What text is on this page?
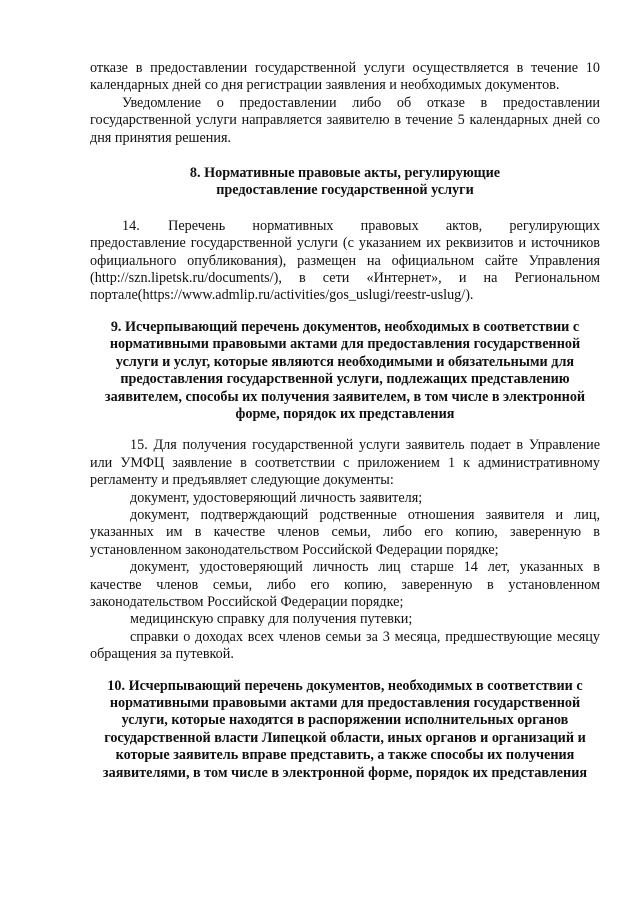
отказе в предоставлении государственной услуги осуществляется в течение 10 календарных дней со дня регистрации заявления и необходимых документов.

Уведомление о предоставлении либо об отказе в предоставлении государственной услуги направляется заявителю в течение 5 календарных дней со дня принятия решения.

8. Нормативные правовые акты, регулирующие
предоставление государственной услуги

14.  Перечень нормативных правовых актов, регулирующих предоставление государственной услуги (с указанием их реквизитов и источников официального опубликования), размещен на официальном сайте Управления (http://szn.lipetsk.ru/documents/), в сети «Интернет», и на Региональном портале(https://www.admlip.ru/activities/gos_uslugi/reestr-uslug/).

9. Исчерпывающий перечень документов, необходимых в соответствии с нормативными правовыми актами для предоставления государственной услуги и услуг, которые являются необходимыми и обязательными для предоставления государственной услуги, подлежащих представлению заявителем, способы их получения заявителем, в том числе в электронной форме, порядок их представления

15. Для получения государственной услуги заявитель подает в Управление или УМФЦ заявление в соответствии с приложением 1 к административному регламенту и предъявляет следующие документы:

документ, удостоверяющий личность заявителя;

документ, подтверждающий родственные отношения заявителя и лиц, указанных им в качестве членов семьи, либо его копию, заверенную в установленном законодательством Российской Федерации порядке;

документ, удостоверяющий личность лиц старше 14 лет, указанных в качестве членов семьи, либо его копию, заверенную в установленном законодательством Российской Федерации порядке;

медицинскую справку для получения путевки;

справки о доходах всех членов семьи за 3 месяца, предшествующие месяцу обращения за путевкой.

10. Исчерпывающий перечень документов, необходимых в соответствии с нормативными правовыми актами для предоставления государственной услуги, которые находятся в распоряжении исполнительных органов государственной власти Липецкой области, иных органов и организаций и которые заявитель вправе представить, а также способы их получения заявителями, в том числе в электронной форме, порядок их представления
